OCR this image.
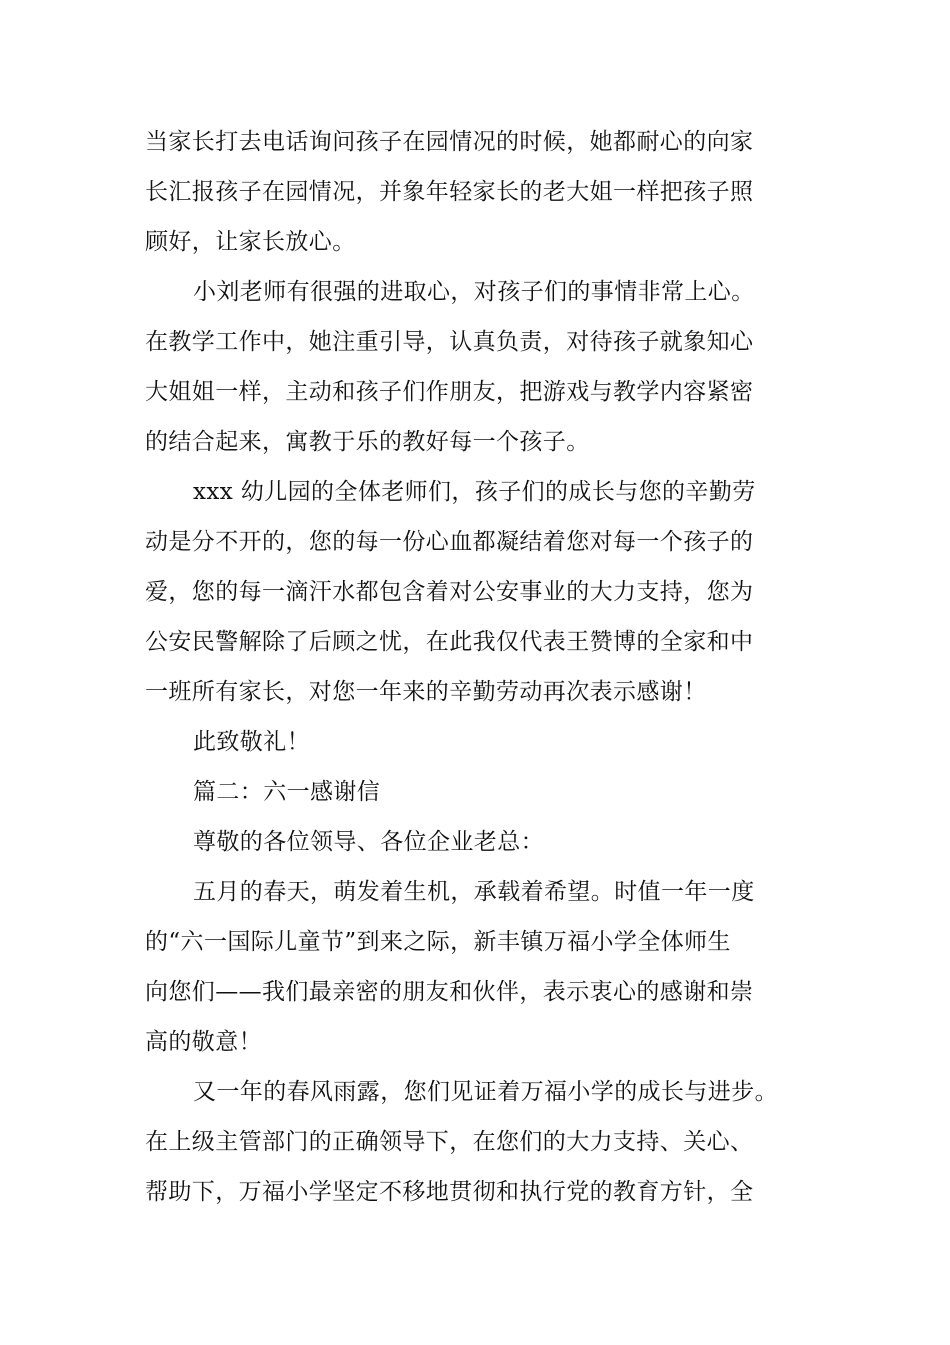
当家长打去电话询问孩子在园情况的时候，她都耐心的向家
长汇报孩子在园情况，并象年轻家长的老大姐一样把孩子照
顾好，让家长放心。
小刘老师有很强的进取心，对孩子们的事情非常上心。
在教学工作中，她注重引导，认真负责，对待孩子就象知心
大姐姐一样，主动和孩子们作朋友，把游戏与教学内容紧密
的结合起来，寓教于乐的教好每一个孩子。
xxx 幼儿园的全体老师们，孩子们的成长与您的辛勤劳
动是分不开的，您的每一份心血都凝结着您对每一个孩子的
爱，您的每一滴汗水都包含着对公安事业的大力支持，您为
公安民警解除了后顾之忧，在此我仅代表王赞博的全家和中
一班所有家长，对您一年来的辛勤劳动再次表示感谢！
此致敬礼！
篇二：六一感谢信
尊敬的各位领导、各位企业老总：
五月的春天，萌发着生机，承载着希望。时值一年一度
的“六一国际儿童节”到来之际，新丰镇万福小学全体师生
向您们——我们最亲密的朋友和伙伴，表示衷心的感谢和崇
高的敬意！
又一年的春风雨露，您们见证着万福小学的成长与进步。
在上级主管部门的正确领导下，在您们的大力支持、关心、
帮助下，万福小学坚定不移地贯彻和执行党的教育方针，全
